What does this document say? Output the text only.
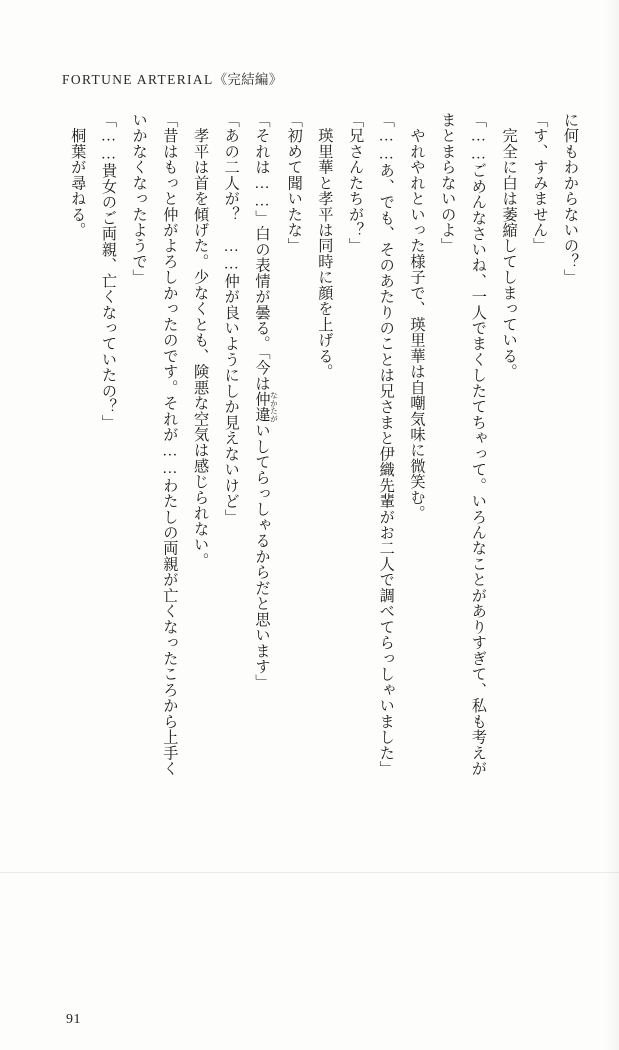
FORTUNE ARTERIAL《完結編》

に何もわからないの？」

「す、すみません」

　完全に白は萎縮してしまっている。

「……ごめんなさいね、一人でまくしたてちゃって。いろんなことがありすぎて、私も考えが

まとまらないのよ」

　やれやれといった様子で、瑛里華は自嘲気味に微笑む。

「……あ、でも、そのあたりのことは兄さまと伊織先輩がお二人で調べてらっしゃいました」

「兄さんたちが？」

　瑛里華と孝平は同時に顔を上げる。

「初めて聞いたな」

「それは……」白の表情が曇る。「今は仲違 なかたがいしてらっしゃるからだと思います」

「あの二人が？　……仲が良いようにしか見えないけど」

　孝平は首を傾げた。少なくとも、険悪な空気は感じられない。

「昔はもっと仲がよろしかったのです。それが……わたしの両親が亡くなったころから上手く

いかなくなったようで」

「……貴女のご両親、亡くなっていたの？」

　桐葉が尋ねる。

91
